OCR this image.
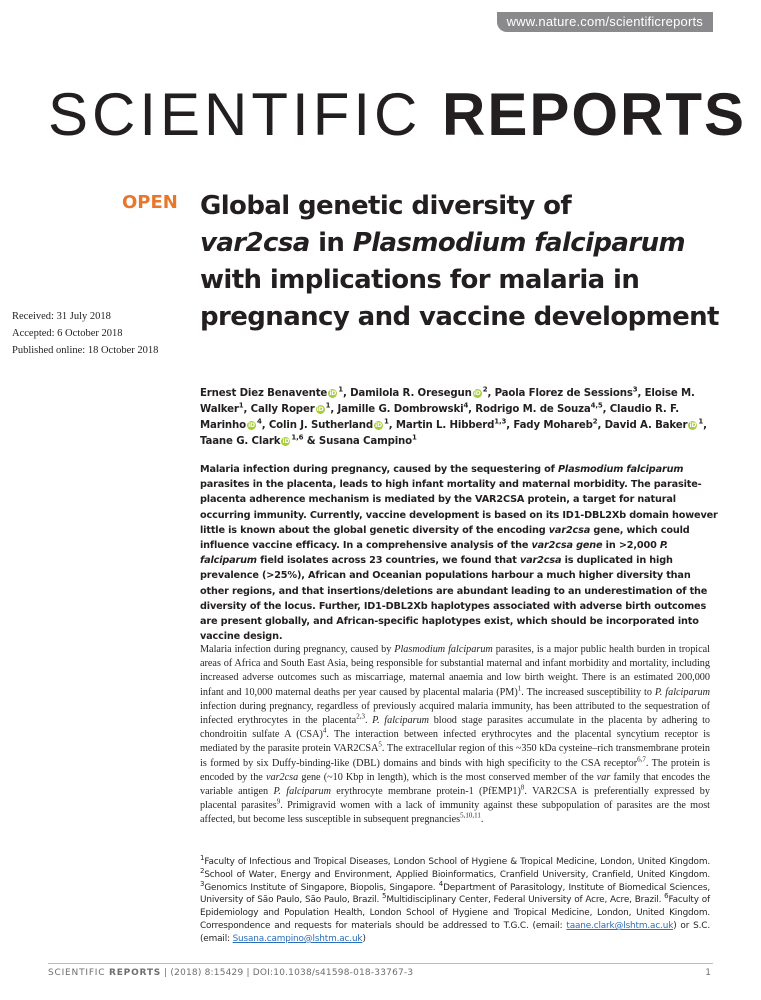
www.nature.com/scientificreports
SCIENTIFIC REPORTS
OPEN Global genetic diversity of
var2csa in Plasmodium falciparum
with implications for malaria in pregnancy and vaccine development
Received: 31 July 2018
Accepted: 6 October 2018
Published online: 18 October 2018
Ernest Diez Benavente iD $^1$, Damilola R. Oresegun iD $^2$, Paola Florez de Sessions$^3$, Eloise M. Walker$^1$, Cally Roper iD $^1$, Jamille G. Dombrowski$^4$, Rodrigo M. de Souza$^{4,5}$, Claudio R. F. Marinho iD $^4$, Colin J. Sutherland iD $^1$, Martin L. Hibberd$^{1,3}$, Fady Mohareb$^2$, David A. Baker iD $^1$, Taane G. Clark iD $^{1,6}$ & Susana Campino$^1$
Malaria infection during pregnancy, caused by the sequestering of Plasmodium falciparum parasites in the placenta, leads to high infant mortality and maternal morbidity. The parasite-placenta adherence mechanism is mediated by the VAR2CSA protein, a target for natural occurring immunity. Currently, vaccine development is based on its ID1-DBL2Xb domain however little is known about the global genetic diversity of the encoding var2csa gene, which could influence vaccine efficacy. In a comprehensive analysis of the var2csa gene in >2,000 P. falciparum field isolates across 23 countries, we found that var2csa is duplicated in high prevalence (>25%), African and Oceanian populations harbour a much higher diversity than other regions, and that insertions/deletions are abundant leading to an underestimation of the diversity of the locus. Further, ID1-DBL2Xb haplotypes associated with adverse birth outcomes are present globally, and African-specific haplotypes exist, which should be incorporated into vaccine design.
Malaria infection during pregnancy, caused by Plasmodium falciparum parasites, is a major public health burden in tropical areas of Africa and South East Asia, being responsible for substantial maternal and infant morbidity and mortality, including increased adverse outcomes such as miscarriage, maternal anaemia and low birth weight. There is an estimated 200,000 infant and 10,000 maternal deaths per year caused by placental malaria (PM)$^1$. The increased susceptibility to P. falciparum infection during pregnancy, regardless of previously acquired malaria immunity, has been attributed to the sequestration of infected erythrocytes in the placenta$^{2,3}$. P. falciparum blood stage parasites accumulate in the placenta by adhering to chondroitin sulfate A (CSA)$^4$. The interaction between infected erythrocytes and the placental syncytium receptor is mediated by the parasite protein VAR2CSA$^5$. The extracellular region of this ~350 kDa cysteine–rich transmembrane protein is formed by six Duffy-binding-like (DBL) domains and binds with high specificity to the CSA receptor$^{6,7}$. The protein is encoded by the var2csa gene (~10 Kbp in length), which is the most conserved member of the var family that encodes the variable antigen P. falciparum erythrocyte membrane protein-1 (PfEMP1)$^8$. VAR2CSA is preferentially expressed by placental parasites$^9$. Primigravid women with a lack of immunity against these subpopulation of parasites are the most affected, but become less susceptible in subsequent pregnancies$^{5,10,11}$.
$^1$Faculty of Infectious and Tropical Diseases, London School of Hygiene & Tropical Medicine, London, United Kingdom. $^2$School of Water, Energy and Environment, Applied Bioinformatics, Cranfield University, Cranfield, United Kingdom. $^3$Genomics Institute of Singapore, Biopolis, Singapore. $^4$Department of Parasitology, Institute of Biomedical Sciences, University of São Paulo, São Paulo, Brazil. $^5$Multidisciplinary Center, Federal University of Acre, Acre, Brazil. $^6$Faculty of Epidemiology and Population Health, London School of Hygiene and Tropical Medicine, London, United Kingdom. Correspondence and requests for materials should be addressed to T.G.C. (email: taane.clark@lshtm.ac.uk) or S.C. (email: Susana.campino@lshtm.ac.uk)
SCIENTIFIC REPORTS | (2018) 8:15429 | DOI:10.1038/s41598-018-33767-3	1
